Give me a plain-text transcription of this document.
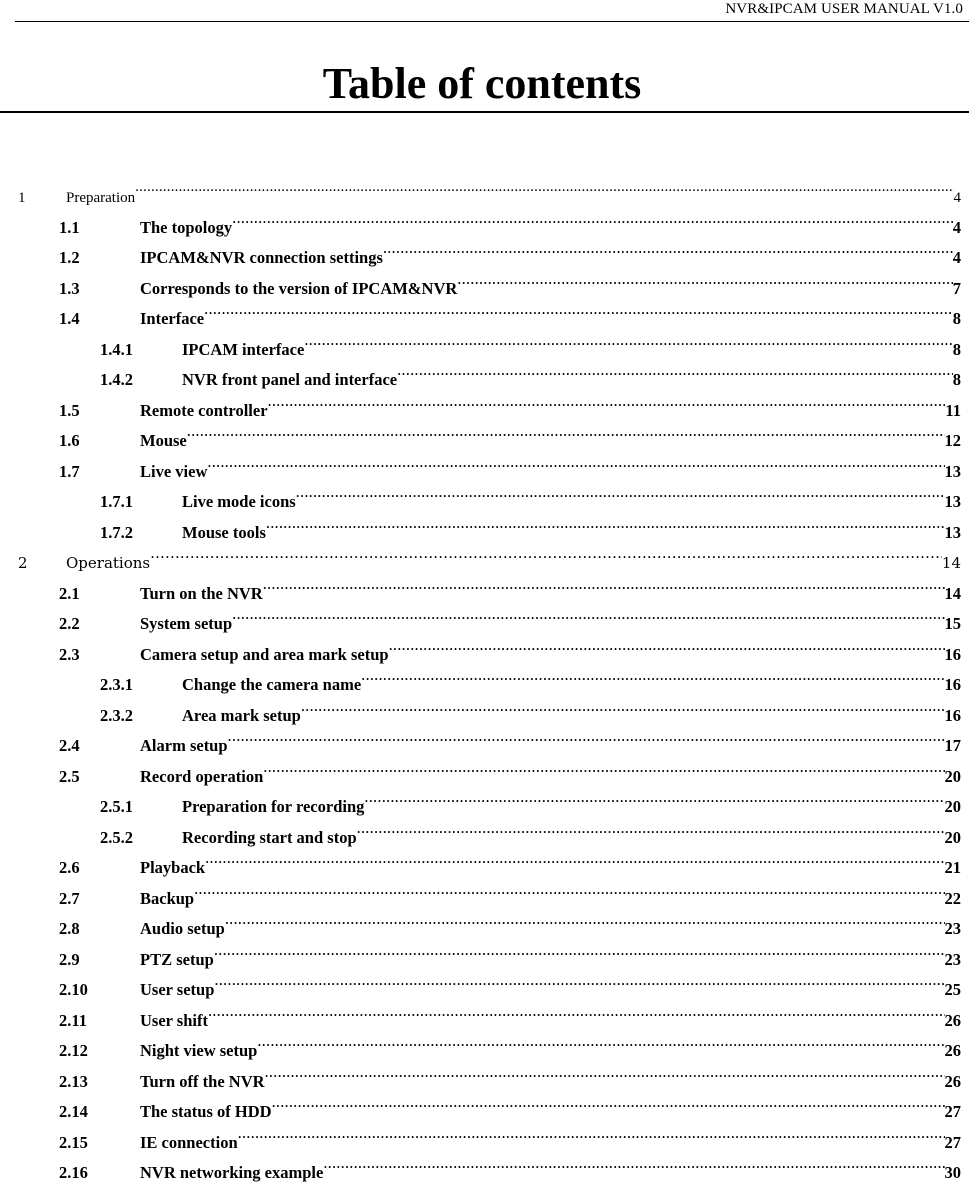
NVR&IPCAM USER MANUAL V1.0
Table of contents
1	Preparation .....	4
1.1	The topology .....	4
1.2	IPCAM&NVR connection settings .....	4
1.3	Corresponds to the version of IPCAM&NVR .....	7
1.4	Interface .....	8
1.4.1	IPCAM interface .....	8
1.4.2	NVR front panel and interface .....	8
1.5	Remote controller .....	11
1.6	Mouse .....	12
1.7	Live view .....	13
1.7.1	Live mode icons .....	13
1.7.2	Mouse tools .....	13
2	Operations .....	14
2.1	Turn on the NVR .....	14
2.2	System setup .....	15
2.3	Camera setup and area mark setup .....	16
2.3.1	Change the camera name .....	16
2.3.2	Area mark setup .....	16
2.4	Alarm setup .....	17
2.5	Record operation .....	20
2.5.1	Preparation for recording .....	20
2.5.2	Recording start and stop .....	20
2.6	Playback .....	21
2.7	Backup .....	22
2.8	Audio setup .....	23
2.9	PTZ setup .....	23
2.10	User setup .....	25
2.11	User shift .....	26
2.12	Night view setup .....	26
2.13	Turn off the NVR .....	26
2.14	The status of HDD .....	27
2.15	IE connection .....	27
2.16	NVR networking example .....	30
